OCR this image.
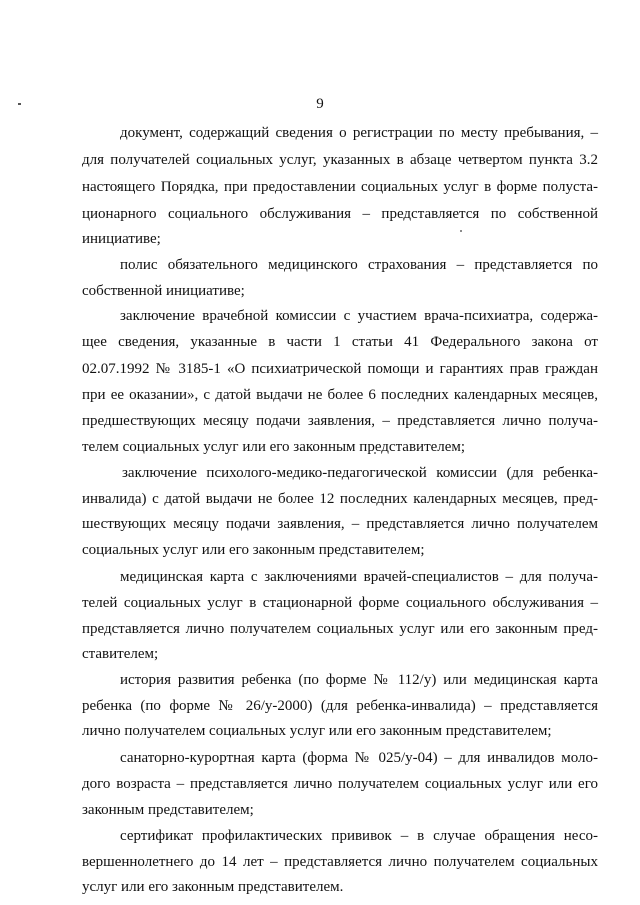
9
документ, содержащий сведения о регистрации по месту пребывания, –
для получателей социальных услуг, указанных в абзаце четвертом пункта 3.2
настоящего Порядка, при предоставлении социальных услуг в форме полуста-
ционарного социального обслуживания – представляется по собственной
инициативе;
полис обязательного медицинского страхования – представляется по
собственной инициативе;
заключение врачебной комиссии с участием врача-психиатра, содержа-
щее сведения, указанные в части 1 статьи 41 Федерального закона от
02.07.1992 № 3185-1 «О психиатрической помощи и гарантиях прав граждан
при ее оказании», с датой выдачи не более 6 последних календарных месяцев,
предшествующих месяцу подачи заявления, – представляется лично получа-
телем социальных услуг или его законным представителем;
заключение психолого-медико-педагогической комиссии (для ребенка-
инвалида) с датой выдачи не более 12 последних календарных месяцев, пред-
шествующих месяцу подачи заявления, – представляется лично получателем
социальных услуг или его законным представителем;
медицинская карта с заключениями врачей-специалистов – для получа-
телей социальных услуг в стационарной форме социального обслуживания –
представляется лично получателем социальных услуг или его законным пред-
ставителем;
история развития ребенка (по форме № 112/у) или медицинская карта
ребенка (по форме № 26/у-2000) (для ребенка-инвалида) – представляется
лично получателем социальных услуг или его законным представителем;
санаторно-курортная карта (форма № 025/у-04) – для инвалидов моло-
дого возраста – представляется лично получателем социальных услуг или его
законным представителем;
сертификат профилактических прививок – в случае обращения несо-
вершеннолетнего до 14 лет – представляется лично получателем социальных
услуг или его законным представителем.
